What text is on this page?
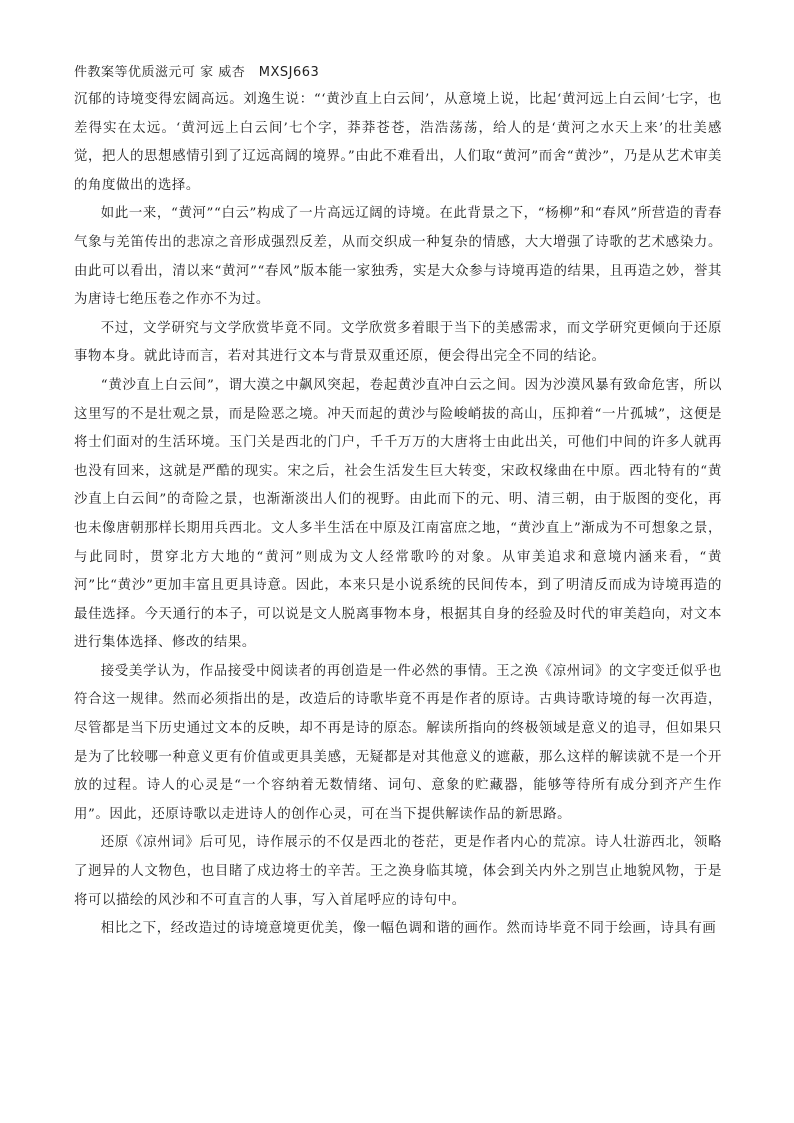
件教案等优质滋元可 家 威杏　MXSJ663

沉郁的诗境变得宏阔高远。刘逸生说：“‘黄沙直上白云间’，从意境上说，比起‘黄河远上白云间’七字，也差得实在太远。‘黄河远上白云间’七个字，莽莽苍苍，浩浩荡荡，给人的是‘黄河之水天上来’的壮美感觉，把人的思想感情引到了辽远高阔的境界。”由此不难看出，人们取“黄河”而舍“黄沙”，乃是从艺术审美的角度做出的选择。

如此一来，“黄河”“白云”构成了一片高远辽阔的诗境。在此背景之下，“杨柳”和“春风”所营造的青春气象与羌笛传出的悲凉之音形成强烈反差，从而交织成一种复杂的情感，大大增强了诗歌的艺术感染力。由此可以看出，清以来“黄河”“春风”版本能一家独秀，实是大众参与诗境再造的结果，且再造之妙，誉其为唐诗七绝压卷之作亦不为过。

不过，文学研究与文学欣赏毕竟不同。文学欣赏多着眼于当下的美感需求，而文学研究更倾向于还原事物本身。就此诗而言，若对其进行文本与背景双重还原，便会得出完全不同的结论。

“黄沙直上白云间”，谓大漠之中飙风突起，卷起黄沙直冲白云之间。因为沙漠风暴有致命危害，所以这里写的不是壮观之景，而是险恶之境。冲天而起的黄沙与险峻峭拔的高山，压抑着“一片孤城”，这便是将士们面对的生活环境。玉门关是西北的门户，千千万万的大唐将士由此出关，可他们中间的许多人就再也没有回来，这就是严酷的现实。宋之后，社会生活发生巨大转变，宋政权缘曲在中原。西北特有的“黄沙直上白云间”的奇险之景，也渐渐淡出人们的视野。由此而下的元、明、清三朝，由于版图的变化，再也未像唐朝那样长期用兵西北。文人多半生活在中原及江南富庶之地，“黄沙直上”渐成为不可想象之景，与此同时，贯穿北方大地的“黄河”则成为文人经常歌吟的对象。从审美追求和意境内涵来看，“黄河”比“黄沙”更加丰富且更具诗意。因此，本来只是小说系统的民间传本，到了明清反而成为诗境再造的最佳选择。今天通行的本子，可以说是文人脱离事物本身，根据其自身的经验及时代的审美趋向，对文本进行集体选择、修改的结果。

接受美学认为，作品接受中阅读者的再创造是一件必然的事情。王之涣《凉州词》的文字变迁似乎也符合这一规律。然而必须指出的是，改造后的诗歌毕竟不再是作者的原诗。古典诗歌诗境的每一次再造，尽管都是当下历史通过文本的反映，却不再是诗的原态。解读所指向的终极领域是意义的追寻，但如果只是为了比较哪一种意义更有价值或更具美感，无疑都是对其他意义的遮蔽，那么这样的解读就不是一个开放的过程。诗人的心灵是“一个容纳着无数情绪、词句、意象的贮藏器，能够等待所有成分到齐产生作用”。因此，还原诗歌以走进诗人的创作心灵，可在当下提供解读作品的新思路。

还原《凉州词》后可见，诗作展示的不仅是西北的苍茫，更是作者内心的荒凉。诗人壮游西北，领略了迥异的人文物色，也目睹了戍边将士的辛苦。王之涣身临其境，体会到关内外之别岂止地貌风物，于是将可以描绘的风沙和不可直言的人事，写入首尾呼应的诗句中。

相比之下，经改造过的诗境意境更优美，像一幅色调和谐的画作。然而诗毕竟不同于绘画，诗具有画
